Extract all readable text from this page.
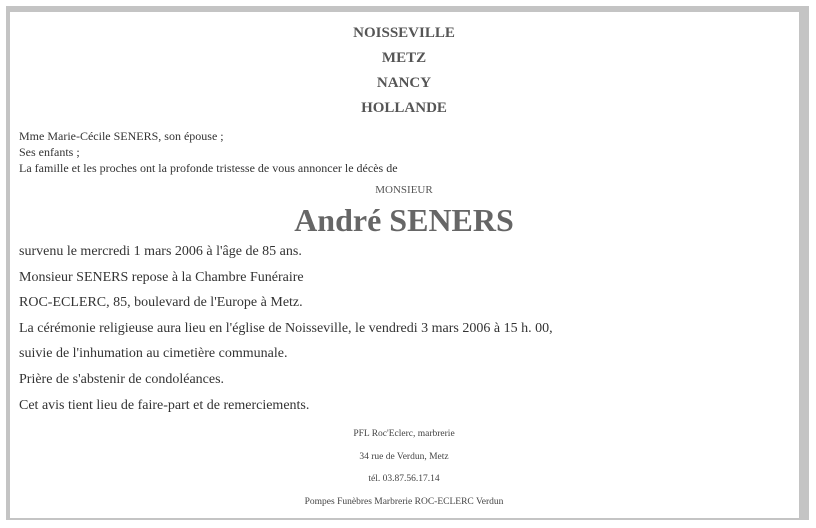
NOISSEVILLE
METZ
NANCY
HOLLANDE
Mme Marie-Cécile SENERS, son épouse ;
Ses enfants ;
La famille et les proches ont la profonde tristesse de vous annoncer le décès de
MONSIEUR
André SENERS
survenu le mercredi 1 mars 2006 à l'âge de 85 ans.
Monsieur SENERS repose à la Chambre Funéraire
ROC-ECLERC, 85, boulevard de l'Europe à Metz.
La cérémonie religieuse aura lieu en l'église de Noisseville, le vendredi 3 mars 2006 à 15 h. 00,
suivie de l'inhumation au cimetière communale.
Prière de s'abstenir de condoléances.
Cet avis tient lieu de faire-part et de remerciements.
PFL Roc'Eclerc, marbrerie
34 rue de Verdun, Metz
tél. 03.87.56.17.14
Pompes Funèbres Marbrerie ROC-ECLERC Verdun
